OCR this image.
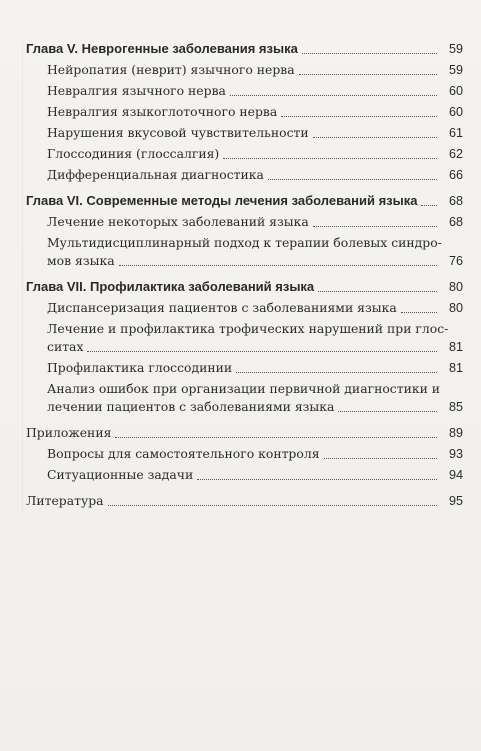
Глава V. Неврогенные заболевания языка	59
Нейропатия (неврит) язычного нерва	59
Невралгия язычного нерва	60
Невралгия языкоглоточного нерва	60
Нарушения вкусовой чувствительности	61
Глоссодиния (глоссалгия)	62
Дифференциальная диагностика	66
Глава VI. Современные методы лечения заболеваний языка	68
Лечение некоторых заболеваний языка	68
Мультидисциплинарный подход к терапии болевых синдро-
мов языка	76
Глава VII. Профилактика заболеваний языка	80
Диспансеризация пациентов с заболеваниями языка	80
Лечение и профилактика трофических нарушений при глос-
ситах	81
Профилактика глоссодинии	81
Анализ ошибок при организации первичной диагностики и
лечении пациентов с заболеваниями языка	85
Приложения	89
Вопросы для самостоятельного контроля	93
Ситуационные задачи	94
Литература	95
